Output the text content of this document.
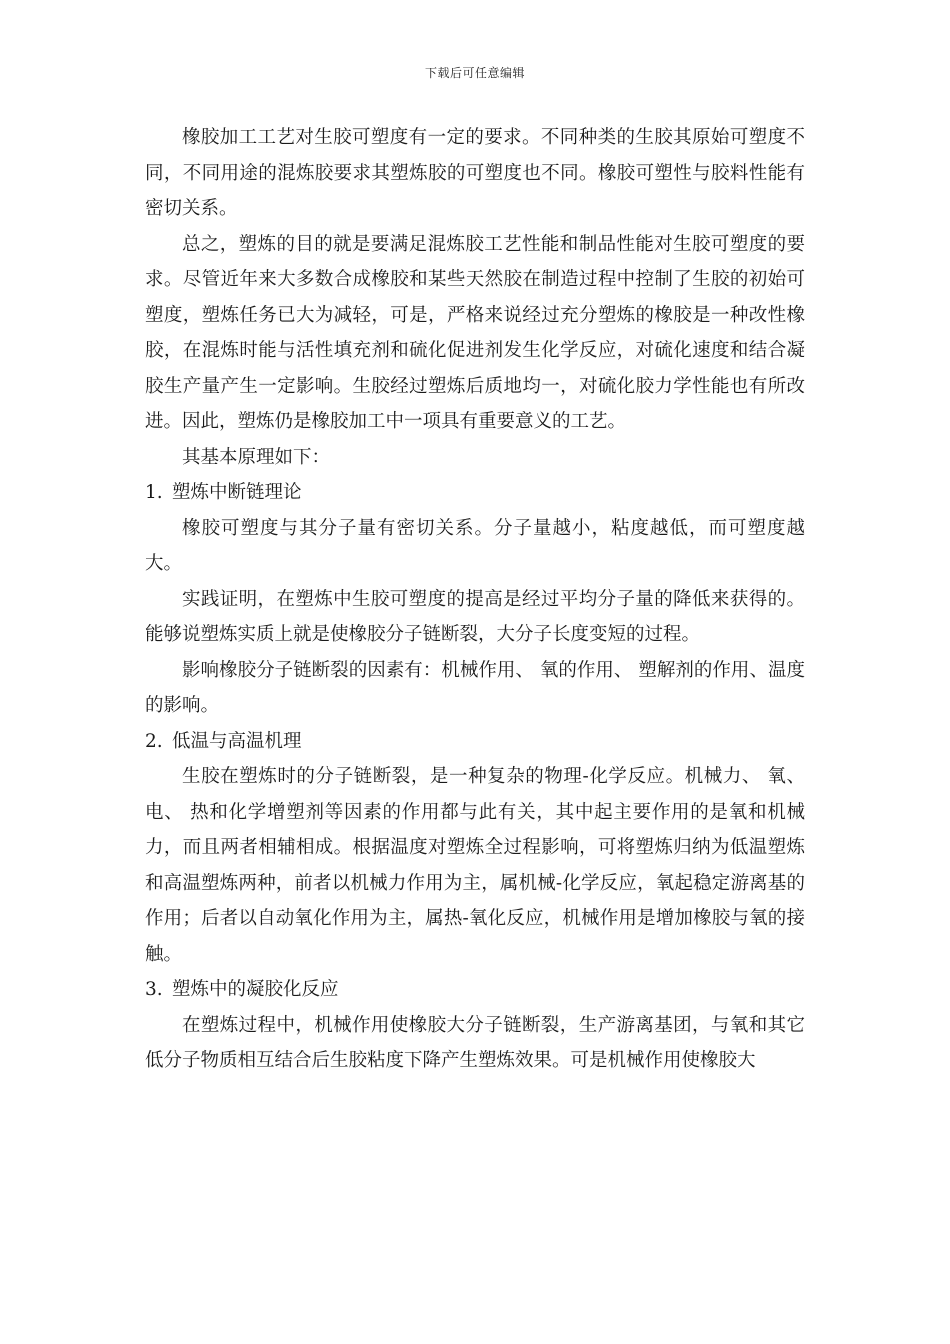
下载后可任意编辑

橡胶加工工艺对生胶可塑度有一定的要求。不同种类的生胶其原始可塑度不同，不同用途的混炼胶要求其塑炼胶的可塑度也不同。橡胶可塑性与胶料性能有密切关系。

总之，塑炼的目的就是要满足混炼胶工艺性能和制品性能对生胶可塑度的要求。尽管近年来大多数合成橡胶和某些天然胶在制造过程中控制了生胶的初始可塑度，塑炼任务已大为减轻，可是，严格来说经过充分塑炼的橡胶是一种改性橡胶，在混炼时能与活性填充剂和硫化促进剂发生化学反应，对硫化速度和结合凝胶生产量产生一定影响。生胶经过塑炼后质地均一，对硫化胶力学性能也有所改进。因此，塑炼仍是橡胶加工中一项具有重要意义的工艺。

其基本原理如下：

1. 塑炼中断链理论

橡胶可塑度与其分子量有密切关系。分子量越小，粘度越低，而可塑度越大。

实践证明，在塑炼中生胶可塑度的提高是经过平均分子量的降低来获得的。能够说塑炼实质上就是使橡胶分子链断裂，大分子长度变短的过程。

影响橡胶分子链断裂的因素有：机械作用、 氧的作用、 塑解剂的作用、温度的影响。

2. 低温与高温机理

生胶在塑炼时的分子链断裂，是一种复杂的物理-化学反应。机械力、 氧、 电、 热和化学增塑剂等因素的作用都与此有关，其中起主要作用的是氧和机械力，而且两者相辅相成。根据温度对塑炼全过程影响，可将塑炼归纳为低温塑炼和高温塑炼两种，前者以机械力作用为主，属机械-化学反应，氧起稳定游离基的作用；后者以自动氧化作用为主，属热-氧化反应，机械作用是增加橡胶与氧的接触。

3. 塑炼中的凝胶化反应

在塑炼过程中，机械作用使橡胶大分子链断裂，生产游离基团，与氧和其它低分子物质相互结合后生胶粘度下降产生塑炼效果。可是机械作用使橡胶大
